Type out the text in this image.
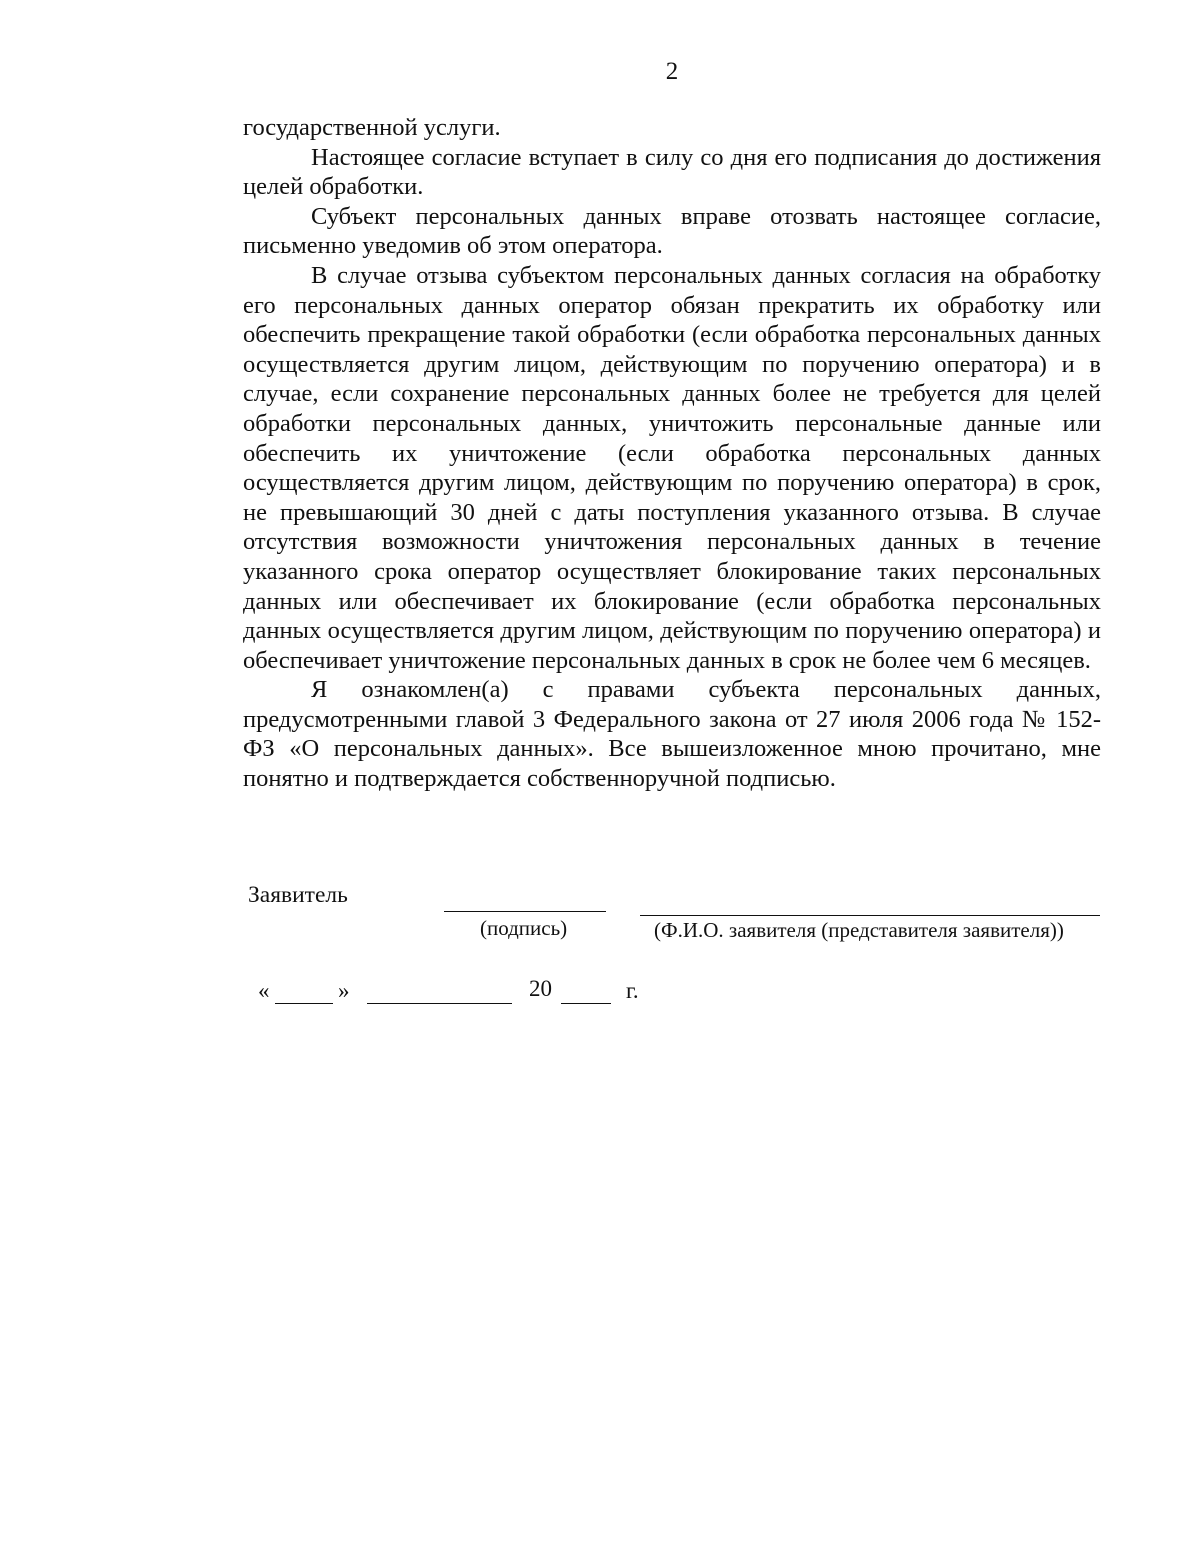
2

государственной услуги.

Настоящее согласие вступает в силу со дня его подписания до достижения целей обработки.

Субъект персональных данных вправе отозвать настоящее согласие, письменно уведомив об этом оператора.

В случае отзыва субъектом персональных данных согласия на обработку его персональных данных оператор обязан прекратить их обработку или обеспечить прекращение такой обработки (если обработка персональных данных осуществляется другим лицом, действующим по поручению оператора) и в случае, если сохранение персональных данных более не требуется для целей обработки персональных данных, уничтожить персональные данные или обеспечить их уничтожение (если обработка персональных данных осуществляется другим лицом, действующим по поручению оператора) в срок, не превышающий 30 дней с даты поступления указанного отзыва. В случае отсутствия возможности уничтожения персональных данных в течение указанного срока оператор осуществляет блокирование таких персональных данных или обеспечивает их блокирование (если обработка персональных данных осуществляется другим лицом, действующим по поручению оператора) и обеспечивает уничтожение персональных данных в срок не более чем 6 месяцев.

Я ознакомлен(а) с правами субъекта персональных данных, предусмотренными главой 3 Федерального закона от 27 июля 2006 года № 152-ФЗ «О персональных данных». Все вышеизложенное мною прочитано, мне понятно и подтверждается собственноручной подписью.

Заявитель
(подпись)	(Ф.И.О. заявителя (представителя заявителя))
«	»	20	г.
